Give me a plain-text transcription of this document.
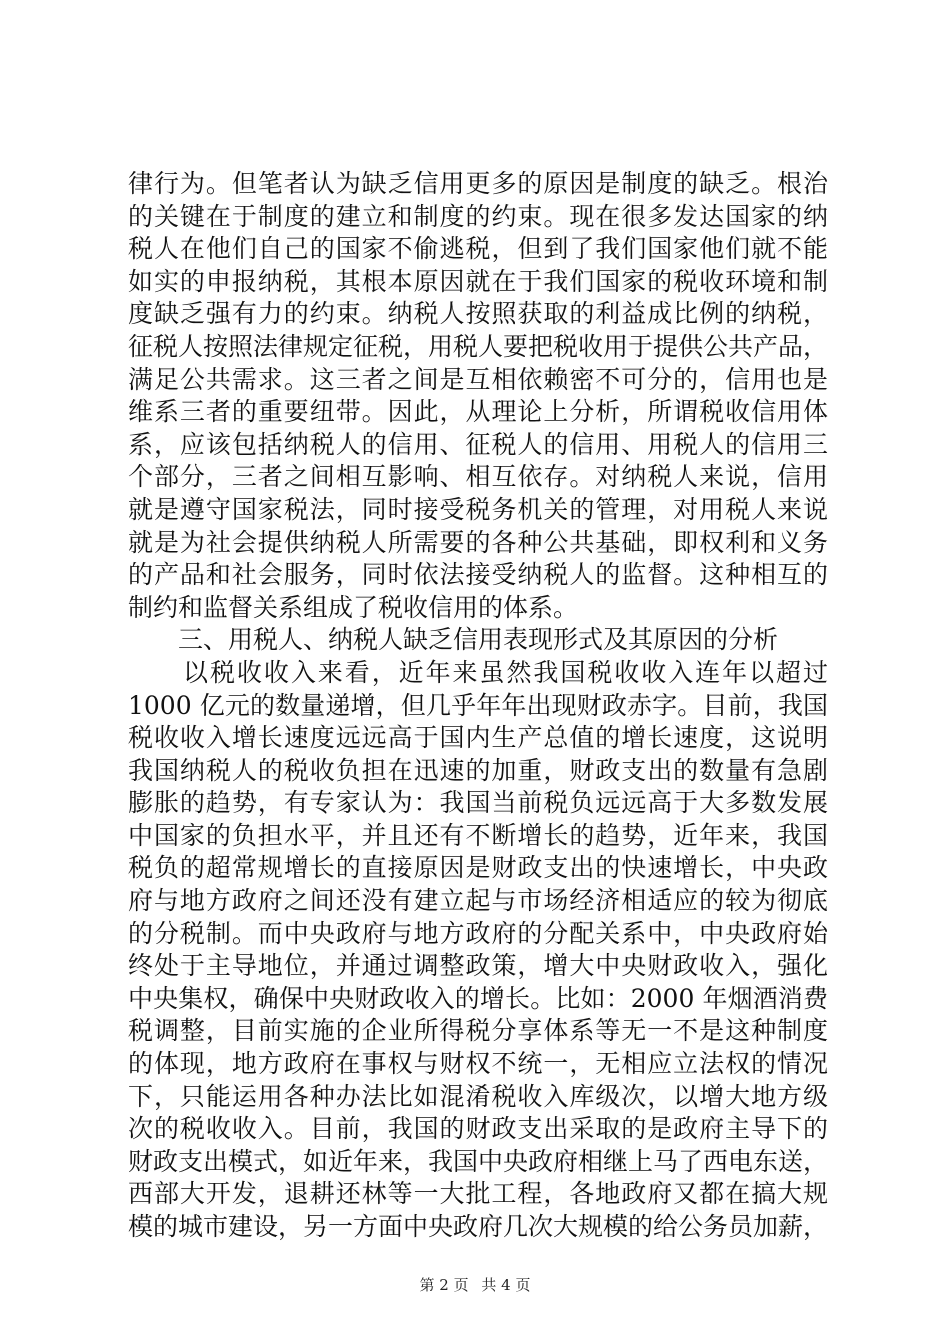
律行为。但笔者认为缺乏信用更多的原因是制度的缺乏。根治
的关键在于制度的建立和制度的约束。现在很多发达国家的纳
税人在他们自己的国家不偷逃税，但到了我们国家他们就不能
如实的申报纳税，其根本原因就在于我们国家的税收环境和制
度缺乏强有力的约束。纳税人按照获取的利益成比例的纳税，
征税人按照法律规定征税，用税人要把税收用于提供公共产品，
满足公共需求。这三者之间是互相依赖密不可分的，信用也是
维系三者的重要纽带。因此，从理论上分析，所谓税收信用体
系，应该包括纳税人的信用、征税人的信用、用税人的信用三
个部分，三者之间相互影响、相互依存。对纳税人来说，信用
就是遵守国家税法，同时接受税务机关的管理，对用税人来说
就是为社会提供纳税人所需要的各种公共基础，即权利和义务
的产品和社会服务，同时依法接受纳税人的监督。这种相互的
制约和监督关系组成了税收信用的体系。
三、用税人、纳税人缺乏信用表现形式及其原因的分析
以税收收入来看，近年来虽然我国税收收入连年以超过
1000 亿元的数量递增，但几乎年年出现财政赤字。目前，我国
税收收入增长速度远远高于国内生产总值的增长速度，这说明
我国纳税人的税收负担在迅速的加重，财政支出的数量有急剧
膨胀的趋势，有专家认为：我国当前税负远远高于大多数发展
中国家的负担水平，并且还有不断增长的趋势，近年来，我国
税负的超常规增长的直接原因是财政支出的快速增长，中央政
府与地方政府之间还没有建立起与市场经济相适应的较为彻底
的分税制。而中央政府与地方政府的分配关系中，中央政府始
终处于主导地位，并通过调整政策，增大中央财政收入，强化
中央集权，确保中央财政收入的增长。比如：2000 年烟酒消费
税调整，目前实施的企业所得税分享体系等无一不是这种制度
的体现，地方政府在事权与财权不统一，无相应立法权的情况
下，只能运用各种办法比如混淆税收入库级次，以增大地方级
次的税收收入。目前，我国的财政支出采取的是政府主导下的
财政支出模式，如近年来，我国中央政府相继上马了西电东送，
西部大开发，退耕还林等一大批工程，各地政府又都在搞大规
模的城市建设，另一方面中央政府几次大规模的给公务员加薪，
第 2 页 共 4 页
